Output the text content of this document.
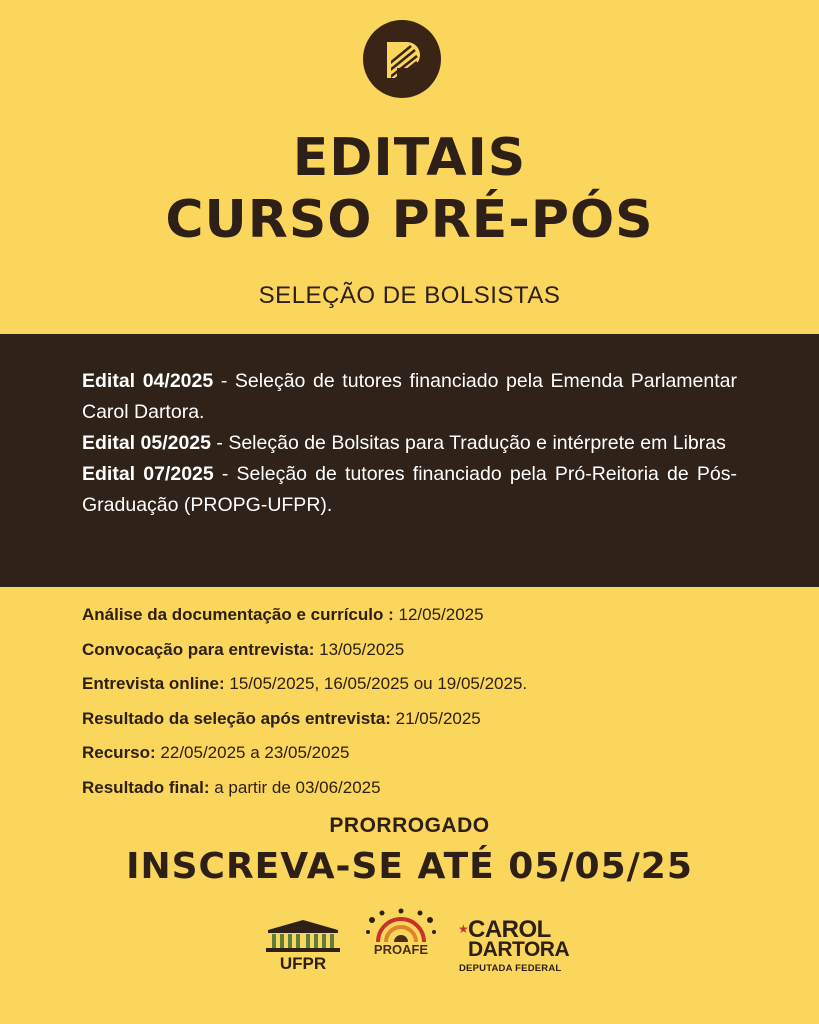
EDITAIS
CURSO PRÉ-PÓS
SELEÇÃO DE BOLSISTAS

Edital 04/2025 - Seleção de tutores financiado pela Emenda Parlamentar Carol Dartora.

Edital 05/2025 - Seleção de Bolsitas para Tradução e intérprete em Libras

Edital 07/2025 - Seleção de tutores financiado pela Pró-Reitoria de Pós-Graduação (PROPG-UFPR).

Análise da documentação e currículo : 12/05/2025
Convocação para entrevista: 13/05/2025
Entrevista online: 15/05/2025, 16/05/2025 ou 19/05/2025.
Resultado da seleção após entrevista: 21/05/2025
Recurso: 22/05/2025 a 23/05/2025
Resultado final: a partir de 03/06/2025
PRORROGADO
INSCREVA-SE ATÉ 05/05/25
UFPR
PROAFE
★ CAROL
DARTORA
DEPUTADA FEDERAL
